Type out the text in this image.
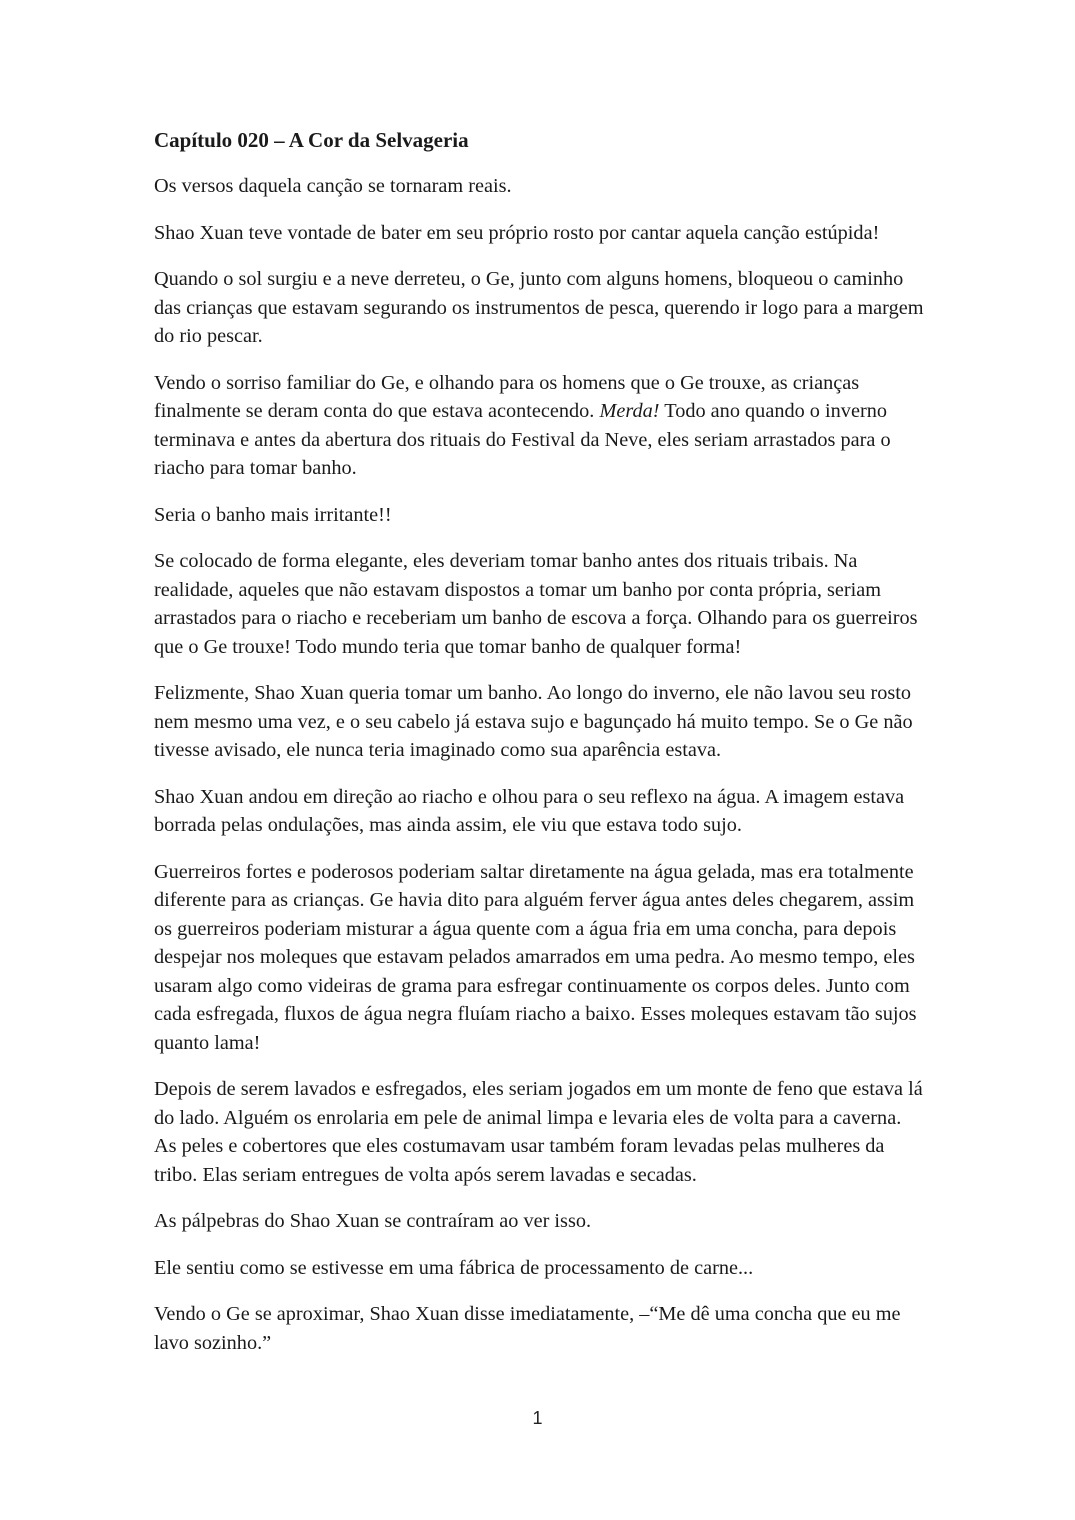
Capítulo 020 – A Cor da Selvageria

Os versos daquela canção se tornaram reais.

Shao Xuan teve vontade de bater em seu próprio rosto por cantar aquela canção estúpida!

Quando o sol surgiu e a neve derreteu, o Ge, junto com alguns homens, bloqueou o caminho das crianças que estavam segurando os instrumentos de pesca, querendo ir logo para a margem do rio pescar.

Vendo o sorriso familiar do Ge, e olhando para os homens que o Ge trouxe, as crianças finalmente se deram conta do que estava acontecendo. Merda! Todo ano quando o inverno terminava e antes da abertura dos rituais do Festival da Neve, eles seriam arrastados para o riacho para tomar banho.

Seria o banho mais irritante!!

Se colocado de forma elegante, eles deveriam tomar banho antes dos rituais tribais. Na realidade, aqueles que não estavam dispostos a tomar um banho por conta própria, seriam arrastados para o riacho e receberiam um banho de escova a força. Olhando para os guerreiros que o Ge trouxe! Todo mundo teria que tomar banho de qualquer forma!

Felizmente, Shao Xuan queria tomar um banho. Ao longo do inverno, ele não lavou seu rosto nem mesmo uma vez, e o seu cabelo já estava sujo e bagunçado há muito tempo. Se o Ge não tivesse avisado, ele nunca teria imaginado como sua aparência estava.

Shao Xuan andou em direção ao riacho e olhou para o seu reflexo na água. A imagem estava borrada pelas ondulações, mas ainda assim, ele viu que estava todo sujo.

Guerreiros fortes e poderosos poderiam saltar diretamente na água gelada, mas era totalmente diferente para as crianças. Ge havia dito para alguém ferver água antes deles chegarem, assim os guerreiros poderiam misturar a água quente com a água fria em uma concha, para depois despejar nos moleques que estavam pelados amarrados em uma pedra. Ao mesmo tempo, eles usaram algo como videiras de grama para esfregar continuamente os corpos deles. Junto com cada esfregada, fluxos de água negra fluíam riacho a baixo. Esses moleques estavam tão sujos quanto lama!

Depois de serem lavados e esfregados, eles seriam jogados em um monte de feno que estava lá do lado. Alguém os enrolaria em pele de animal limpa e levaria eles de volta para a caverna. As peles e cobertores que eles costumavam usar também foram levadas pelas mulheres da tribo. Elas seriam entregues de volta após serem lavadas e secadas.

As pálpebras do Shao Xuan se contraíram ao ver isso.

Ele sentiu como se estivesse em uma fábrica de processamento de carne...

Vendo o Ge se aproximar, Shao Xuan disse imediatamente, –“Me dê uma concha que eu me lavo sozinho.”

1
